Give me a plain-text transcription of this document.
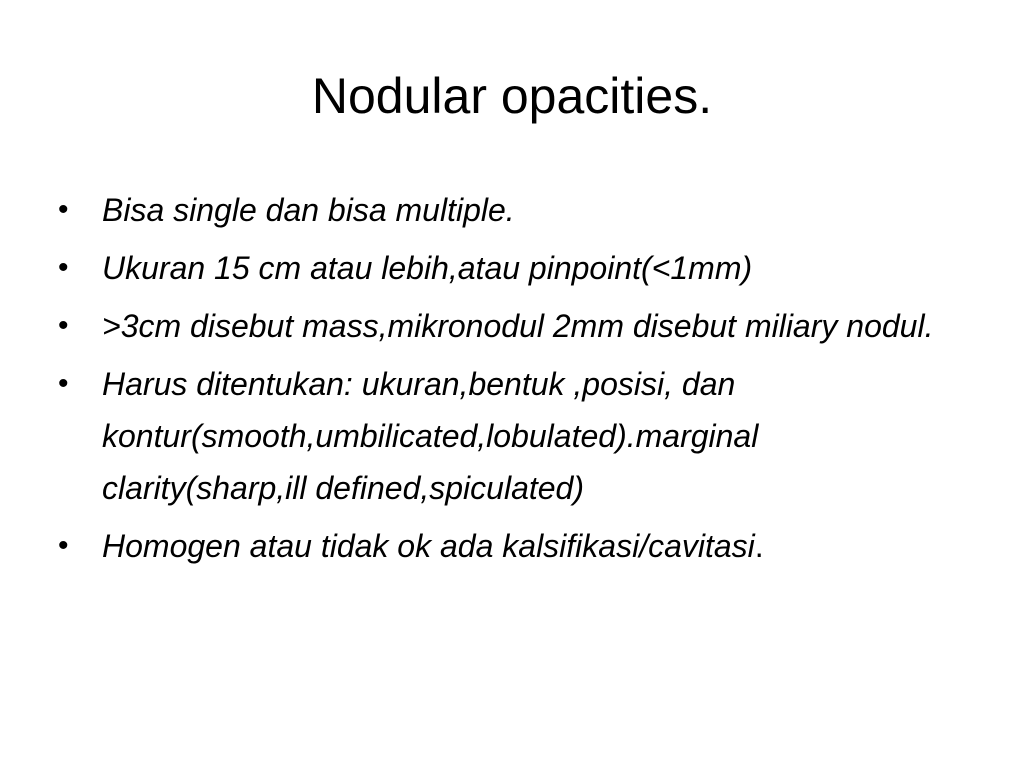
Nodular opacities.
• Bisa single dan bisa multiple.
• Ukuran 15 cm atau lebih,atau pinpoint(<1mm)
• >3cm disebut mass,mikronodul 2mm disebut miliary nodul.
• Harus ditentukan: ukuran,bentuk ,posisi, dan kontur(smooth,umbilicated,lobulated).marginal clarity(sharp,ill defined,spiculated)
• Homogen atau tidak ok ada kalsifikasi/cavitasi.
